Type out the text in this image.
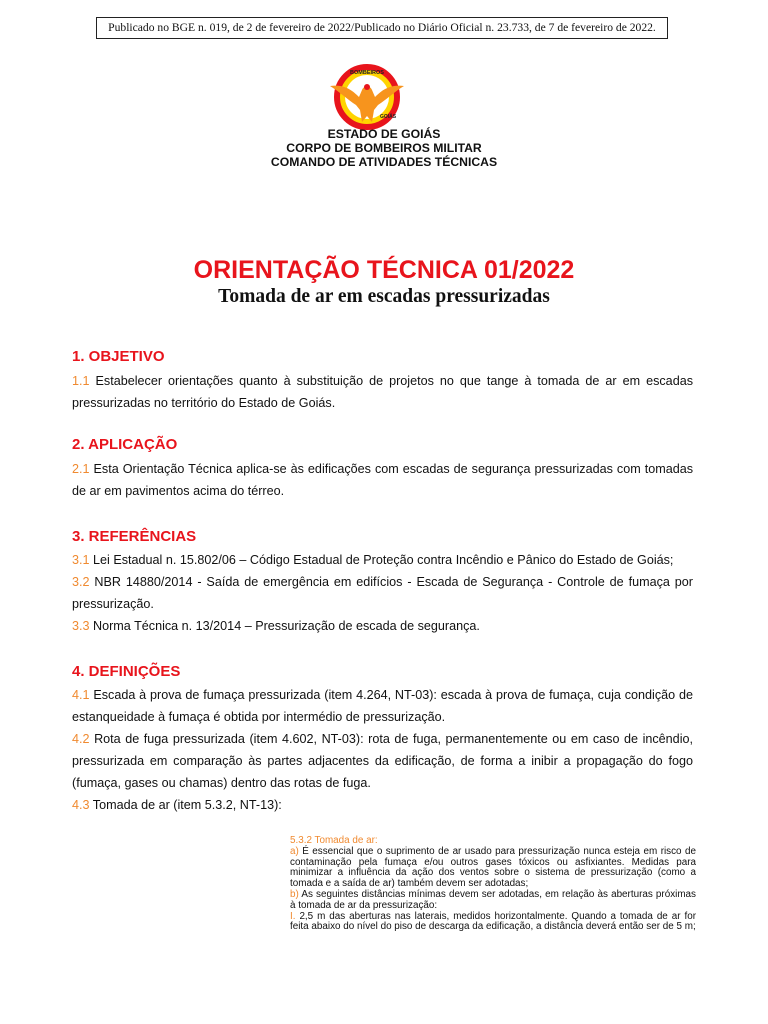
Publicado no BGE n. 019, de 2 de fevereiro de 2022/Publicado no Diário Oficial n. 23.733, de 7 de fevereiro de 2022.
BOMBEIROS
GOIÁS
ESTADO DE GOIÁS
CORPO DE BOMBEIROS MILITAR
COMANDO DE ATIVIDADES TÉCNICAS
ORIENTAÇÃO TÉCNICA 01/2022
Tomada de ar em escadas pressurizadas
1. OBJETIVO

1.1 Estabelecer orientações quanto à substituição de projetos no que tange à tomada de ar em escadas pressurizadas no território do Estado de Goiás.

2. APLICAÇÃO

2.1 Esta Orientação Técnica aplica-se às edificações com escadas de segurança pressurizadas com tomadas de ar em pavimentos acima do térreo.

3. REFERÊNCIAS

3.1 Lei Estadual n. 15.802/06 – Código Estadual de Proteção contra Incêndio e Pânico do Estado de Goiás;

3.2 NBR 14880/2014 - Saída de emergência em edifícios - Escada de Segurança - Controle de fumaça por pressurização.

3.3 Norma Técnica n. 13/2014 – Pressurização de escada de segurança.

4. DEFINIÇÕES

4.1 Escada à prova de fumaça pressurizada (item 4.264, NT-03): escada à prova de fumaça, cuja condição de estanqueidade à fumaça é obtida por intermédio de pressurização.

4.2 Rota de fuga pressurizada (item 4.602, NT-03): rota de fuga, permanentemente ou em caso de incêndio, pressurizada em comparação às partes adjacentes da edificação, de forma a inibir a propagação do fogo (fumaça, gases ou chamas) dentro das rotas de fuga.

4.3 Tomada de ar (item 5.3.2, NT-13):

5.3.2 Tomada de ar:

a) É essencial que o suprimento de ar usado para pressurização nunca esteja em risco de contaminação pela fumaça e/ou outros gases tóxicos ou asfixiantes. Medidas para minimizar a influência da ação dos ventos sobre o sistema de pressurização (como a tomada e a saída de ar) também devem ser adotadas;

b) As seguintes distâncias mínimas devem ser adotadas, em relação às aberturas próximas à tomada de ar da pressurização:

I. 2,5 m das aberturas nas laterais, medidos horizontalmente. Quando a tomada de ar for feita abaixo do nível do piso de descarga da edificação, a distância deverá então ser de 5 m;
